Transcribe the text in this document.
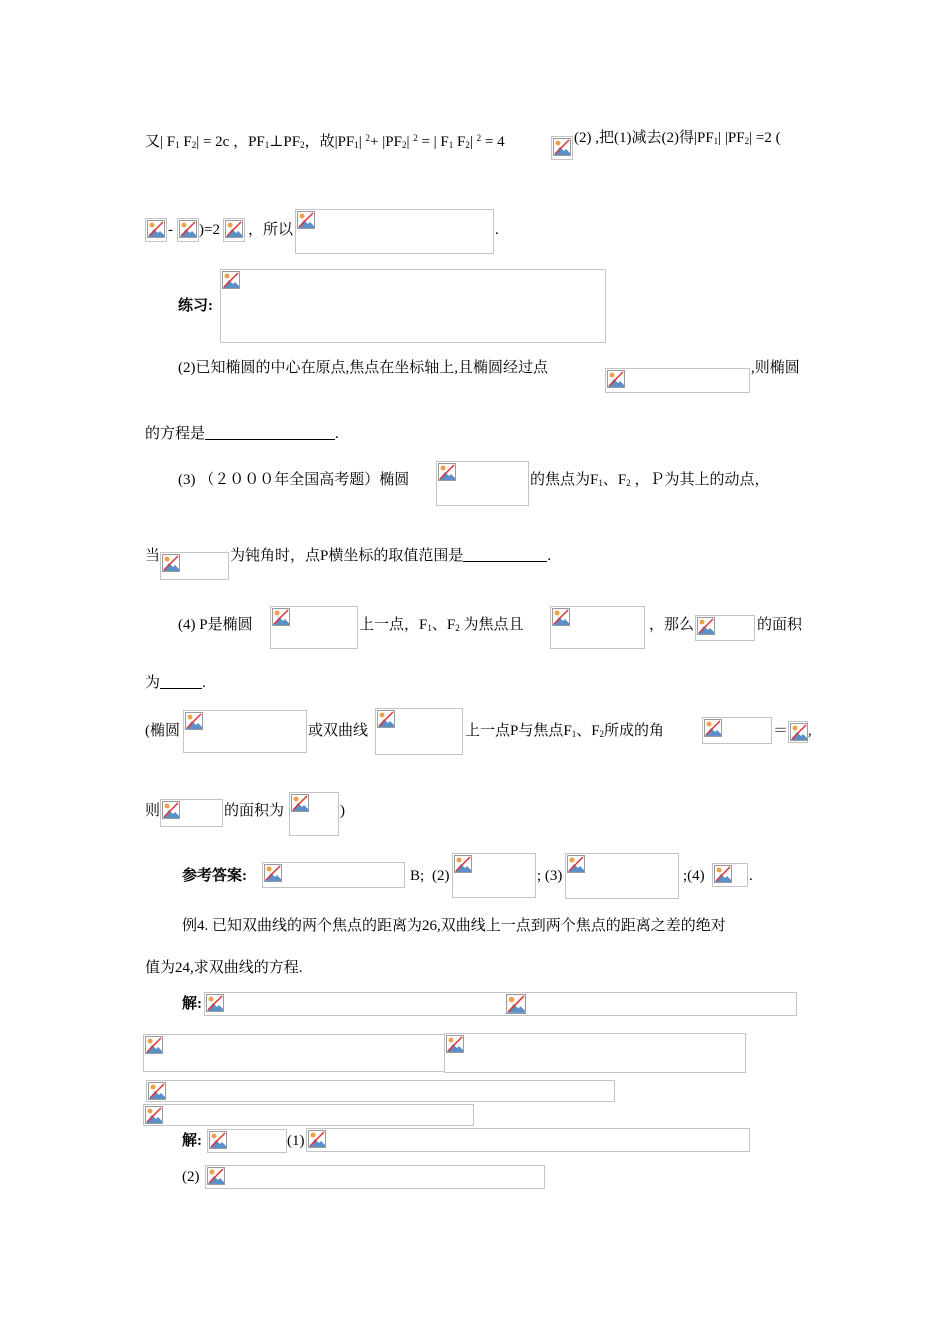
又| $F_1$ $F_2| = 2c$ ，$PF_1\perp PF_2$，故$|PF_1|$ $^2+ |PF_2|$ $^2$ = | $F_1$ $F_2|$ $^2$ = 4	(2) ,把(1)减去(2)得$|PF_1|$ $|PF_2| =2$ (
- )=2 ，所以	.
练习:
(2)已知椭圆的中心在原点,焦点在坐标轴上,且椭圆经过点	,则椭圆
的方程是	.
(3) （２０００年全国高考题）椭圆	的焦点为$F_1$、$F_2$ ，Ｐ为其上的动点，
当	为钝角时，点P横坐标的取值范围是	.
(4) P是椭圆	上一点，$F_1$、$F_2$ 为焦点且	，那么	的面积
为	.
(椭圆	或双曲线	上一点P与焦点$F_1$、$F_2$所成的角	＝ ,
则	的面积为	)
参考答案:	B; (2)	; (3)	;(4)	.
例4. 已知双曲线的两个焦点的距离为26,双曲线上一点到两个焦点的距离之差的绝对
值为24,求双曲线的方程.
解:
解:	(1)
(2)
